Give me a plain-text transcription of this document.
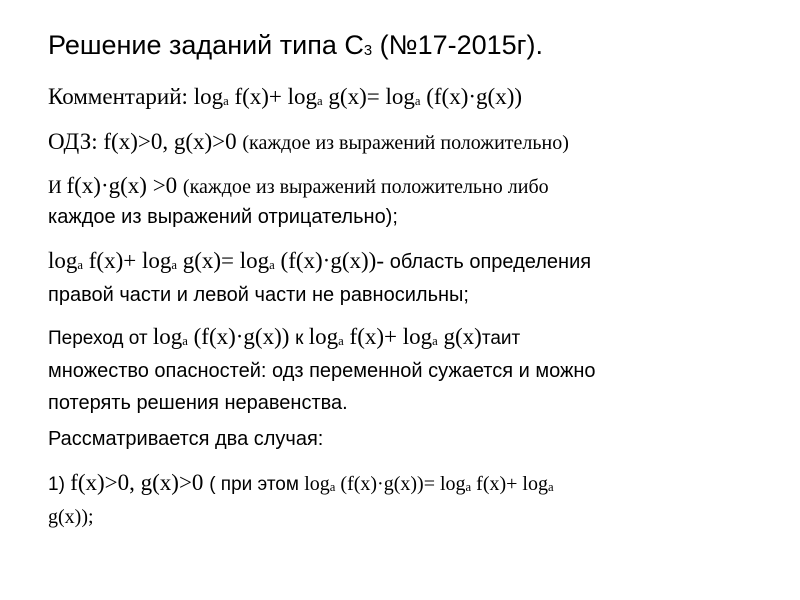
Решение заданий типа С3 (№17-2015г).
Комментарий: loga f(x)+ loga g(x)= loga (f(x)·g(x))
ОДЗ: f(x)>0, g(x)>0 (каждое из выражений положительно)
И f(x)·g(x) >0 (каждое из выражений положительно либо
каждое из выражений отрицательно);
loga f(x)+ loga g(x)= loga (f(x)·g(x))- область определения
правой части и левой части не равносильны;
Переход от loga (f(x)·g(x)) к loga f(x)+ loga g(x)таит
множество опасностей: одз переменной сужается и можно
потерять решения неравенства.
Рассматривается два случая:
1) f(x)>0, g(x)>0 ( при этом loga (f(x)·g(x))= loga f(x)+ loga
g(x));
